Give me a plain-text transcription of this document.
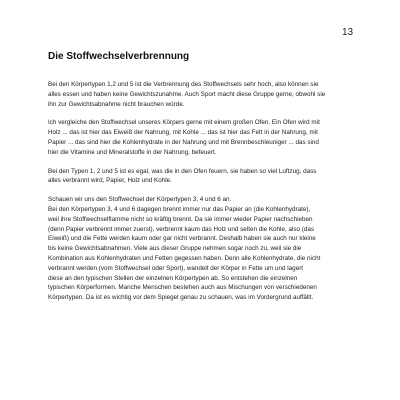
13
Die Stoffwechselverbrennung

Bei den Körpertypen 1,2 und 5 ist die Verbrennung des Stoffwechsels sehr hoch, also können sie
alles essen und haben keine Gewichtszunahme. Auch Sport macht diese Gruppe gerne, obwohl sie
ihn zur Gewichtsabnahme nicht brauchen würde.

Ich vergleiche den Stoffwechsel unseres Körpers gerne mit einem großen Ofen. Ein Ofen wird mit
Holz ... das ist hier das Eiweiß der Nahrung, mit Kohle ... das ist hier das Fett in der Nahrung, mit
Papier ... das sind hier die Kohlenhydrate in der Nahrung und mit Brennbeschleuniger ... das sind
hier die Vitamine und Mineralstoffe in der Nahrung, befeuert.

Bei den Typen 1, 2 und 5 ist es egal, was die in den Ofen feuern, sie haben so viel Luftzug, dass
alles verbrannt wird, Papier, Holz und Kohle.

Schauen wir uns den Stoffwechsel der Körpertypen 3, 4 und 6 an.
Bei den Körpertypen 3, 4 und 6 dagegen brennt immer nur das Papier an (die Kohlenhydrate),
weil ihre Stoffwechselflamme nicht so kräftig brennt. Da sie immer wieder Papier nachschieben
(denn Papier verbrennt immer zuerst), verbrennt kaum das Holz und selten die Kohle, also (das
Eiweiß) und die Fette werden kaum oder gar nicht verbrannt. Deshalb haben sie auch nur kleine
bis keine Gewichtsabnahmen. Viele aus dieser Gruppe nehmen sogar noch zu, weil sie die
Kombination aus Kohlenhydraten und Fetten gegessen haben. Denn alle Kohlenhydrate, die nicht
verbrannt werden (vom Stoffwechsel oder Sport), wandelt der Körper in Fette um und lagert
diese an den typischen Stellen der einzelnen Körpertypen ab. So entstehen die einzelnen
typischen Körperformen. Manche Menschen bestehen auch aus Mischungen von verschiedenen
Körpertypen. Da ist es wichtig vor dem Spiegel genau zu schauen, was im Vordergrund auffällt.
